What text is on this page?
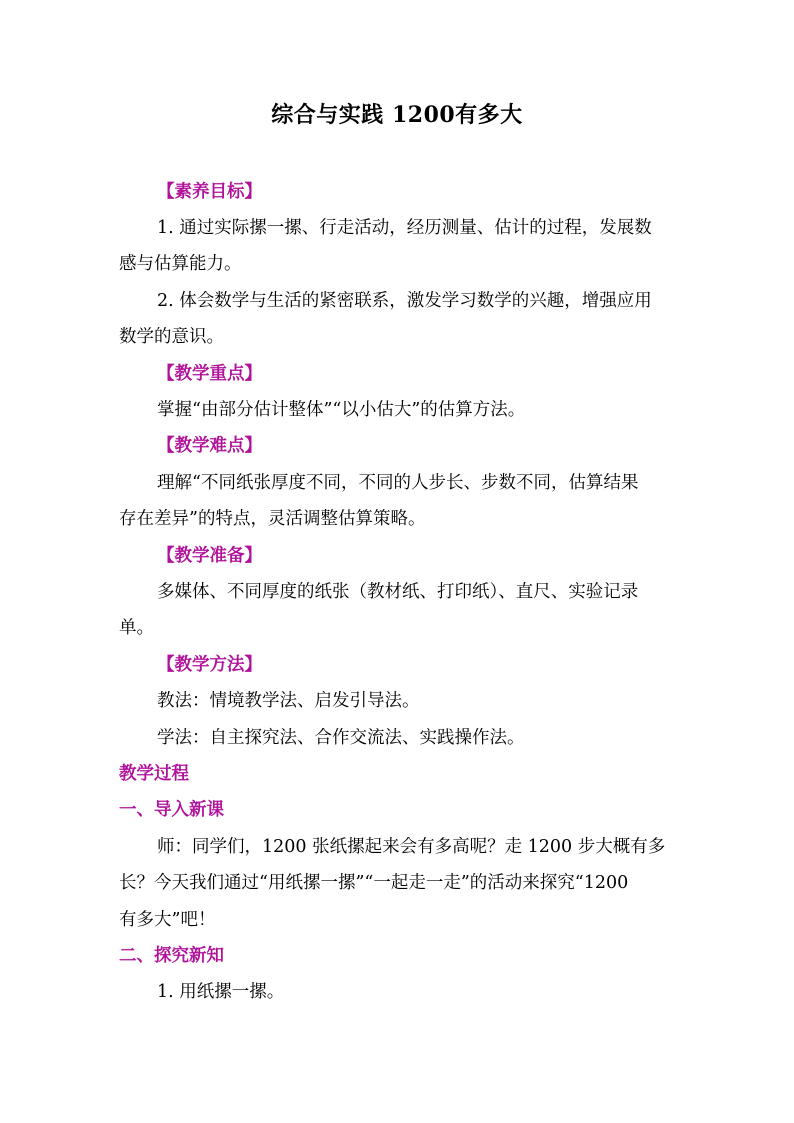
综合与实践 1200有多大
【素养目标】
1. 通过实际摞一摞、行走活动，经历测量、估计的过程，发展数
感与估算能力。
2. 体会数学与生活的紧密联系，激发学习数学的兴趣，增强应用
数学的意识。
【教学重点】
掌握“由部分估计整体”“以小估大”的估算方法。
【教学难点】
理解“不同纸张厚度不同，不同的人步长、步数不同，估算结果
存在差异”的特点，灵活调整估算策略。
【教学准备】
多媒体、不同厚度的纸张（教材纸、打印纸）、直尺、实验记录
单。
【教学方法】
教法：情境教学法、启发引导法。
学法：自主探究法、合作交流法、实践操作法。
教学过程
一、导入新课
师：同学们，1200 张纸摞起来会有多高呢？走 1200 步大概有多
长？今天我们通过“用纸摞一摞”“一起走一走”的活动来探究“1200
有多大”吧！
二、探究新知
1. 用纸摞一摞。
